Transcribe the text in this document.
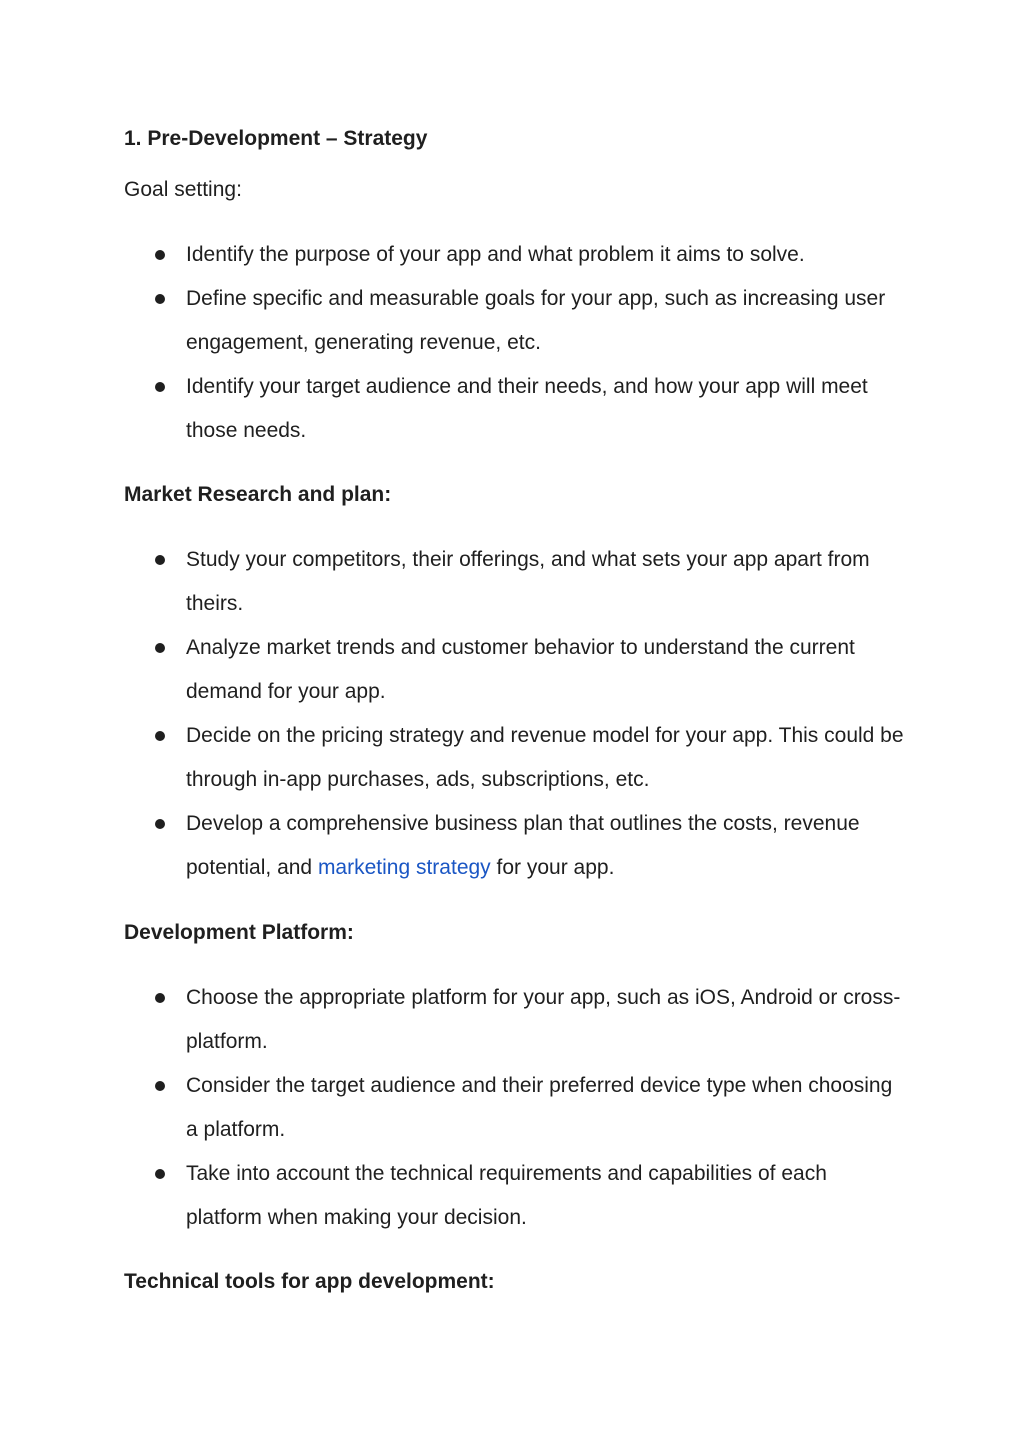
1. Pre-Development – Strategy

Goal setting:

Identify the purpose of your app and what problem it aims to solve.
Define specific and measurable goals for your app, such as increasing user engagement, generating revenue, etc.
Identify your target audience and their needs, and how your app will meet those needs.

Market Research and plan:

Study your competitors, their offerings, and what sets your app apart from theirs.
Analyze market trends and customer behavior to understand the current demand for your app.
Decide on the pricing strategy and revenue model for your app. This could be through in-app purchases, ads, subscriptions, etc.
Develop a comprehensive business plan that outlines the costs, revenue potential, and marketing strategy for your app.

Development Platform:

Choose the appropriate platform for your app, such as iOS, Android or cross-platform.
Consider the target audience and their preferred device type when choosing a platform.
Take into account the technical requirements and capabilities of each platform when making your decision.

Technical tools for app development:
